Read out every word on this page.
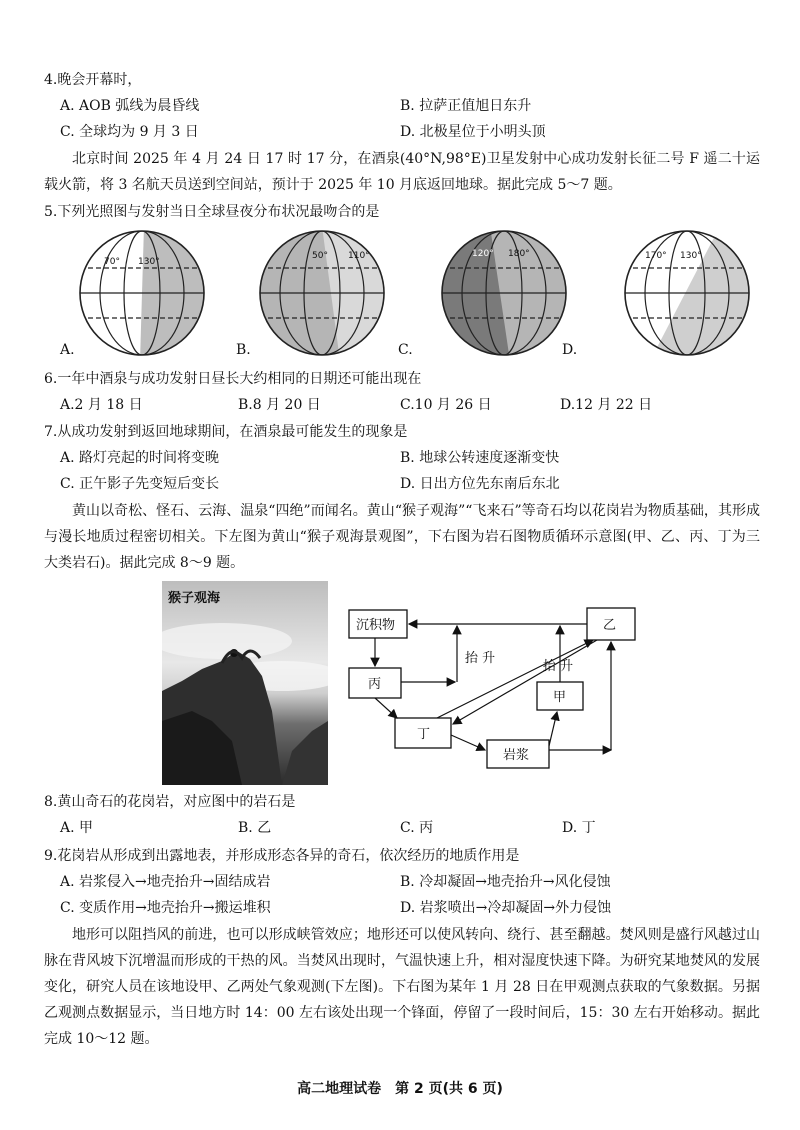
4.晚会开幕时，
A. AOB 弧线为晨昏线	B. 拉萨正值旭日东升
C. 全球均为 9 月 3 日	D. 北极星位于小明头顶
北京时间 2025 年 4 月 24 日 17 时 17 分，在酒泉(40°N,98°E)卫星发射中心成功发射长征二号 F 遥二十运载火箭，将 3 名航天员送到空间站，预计于 2025 年 10 月底返回地球。据此完成 5～7 题。
5.下列光照图与发射当日全球昼夜分布状况最吻合的是
70° 130°
50° 110°	120° 180°	170° 130°
A.	B.	C.	D.
6.一年中酒泉与成功发射日昼长大约相同的日期还可能出现在
A.2 月 18 日	B.8 月 20 日	C.10 月 26 日	D.12 月 22 日
7.从成功发射到返回地球期间，在酒泉最可能发生的现象是
A. 路灯亮起的时间将变晚	B. 地球公转速度逐渐变快
C. 正午影子先变短后变长	D. 日出方位先东南后东北
黄山以奇松、怪石、云海、温泉“四绝”而闻名。黄山“猴子观海”“飞来石”等奇石均以花岗岩为物质基础，其形成与漫长地质过程密切相关。下左图为黄山“猴子观海景观图”，下右图为岩石图物质循环示意图(甲、乙、丙、丁为三大类岩石)。据此完成 8～9 题。
猴子观海
沉积物	乙
丙
甲
丁
岩浆
抬 升
抬 升
8.黄山奇石的花岗岩，对应图中的岩石是
A. 甲	B. 乙	C. 丙	D. 丁
9.花岗岩从形成到出露地表，并形成形态各异的奇石，依次经历的地质作用是
A. 岩浆侵入→地壳抬升→固结成岩	B. 冷却凝固→地壳抬升→风化侵蚀
C. 变质作用→地壳抬升→搬运堆积	D. 岩浆喷出→冷却凝固→外力侵蚀
地形可以阻挡风的前进，也可以形成峡管效应；地形还可以使风转向、绕行、甚至翻越。焚风则是盛行风越过山脉在背风坡下沉增温而形成的干热的风。当焚风出现时，气温快速上升，相对湿度快速下降。为研究某地焚风的发展变化，研究人员在该地设甲、乙两处气象观测(下左图)。下右图为某年 1 月 28 日在甲观测点获取的气象数据。另据乙观测点数据显示，当日地方时 14：00 左右该处出现一个锋面，停留了一段时间后，15：30 左右开始移动。据此完成 10～12 题。
高二地理试卷　第 2 页(共 6 页)
